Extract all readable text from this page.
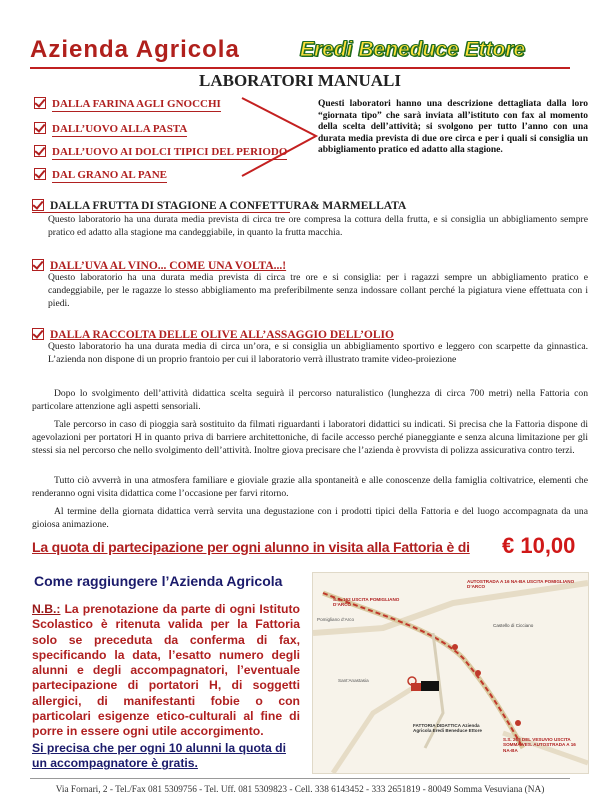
Azienda Agricola	Eredi Beneduce Ettore
LABORATORI MANUALI
DALLA FARINA AGLI GNOCCHI
DALL’UOVO ALLA PASTA
DALL’UOVO AI DOLCI TIPICI DEL PERIODO
DAL GRANO AL PANE
Questi laboratori hanno una descrizione dettagliata dalla loro “giornata tipo” che sarà inviata all’istituto con fax al momento della scelta dell’attività; si svolgono per tutto l’anno con una durata media prevista di due ore circa e per i quali si consiglia un abbigliamento pratico ed adatto alla stagione.
DALLA FRUTTA DI STAGIONE A CONFETTURA& MARMELLATA
Questo laboratorio ha una durata media prevista di circa tre ore compresa la cottura della frutta, e si consiglia un abbigliamento sempre pratico ed adatto alla stagione ma candeggiabile, in quanto la frutta macchia.
DALL’UVA AL VINO... COME UNA VOLTA...!
Questo laboratorio ha una durata media prevista di circa tre ore e si consiglia: per i ragazzi sempre un abbigliamento pratico e candeggiabile, per le ragazze lo stesso abbigliamento ma preferibilmente senza indossare collant perché la pigiatura viene effettuata con i piedi.
DALLA RACCOLTA DELLE OLIVE ALL’ASSAGGIO DELL’OLIO
Questo laboratorio ha una durata media di circa un’ora, e si consiglia un abbigliamento sportivo e leggero con scarpette da ginnastica. L’azienda non dispone di un proprio frantoio per cui il laboratorio verrà illustrato tramite video-proiezione
Dopo lo svolgimento dell’attività didattica scelta seguirà il percorso naturalistico (lunghezza di circa 700 metri) nella Fattoria con particolare attenzione agli aspetti sensoriali.
Tale percorso in caso di pioggia sarà sostituito da filmati riguardanti i laboratori didattici su indicati. Si precisa che la Fattoria dispone di agevolazioni per portatori H in quanto priva di barriere architettoniche, di facile accesso perché pianeggiante e senza alcuna limitazione per gli stessi sia nel percorso che nello svolgimento dell’attività. Inoltre giova precisare che l’azienda è provvista di polizza assicurativa contro terzi.
Tutto ciò avverrà in una atmosfera familiare e gioviale grazie alla spontaneità e alle conoscenze della famiglia coltivatrice, elementi che renderanno ogni visita didattica come l’occasione per farvi ritorno.
Al termine della giornata didattica verrà servita una degustazione con i prodotti tipici della Fattoria e del luogo accompagnata da una gioiosa animazione.
La quota di partecipazione per ogni alunno in visita alla Fattoria è di € 10,00
Come raggiungere l’Azienda Agricola
N.B.: La prenotazione da parte di ogni Istituto Scolastico è ritenuta valida per la Fattoria solo se preceduta da conferma di fax, specificando la data, l’esatto numero degli alunni e degli accompagnatori, l’eventuale partecipazione di portatori H, di soggetti allergici, di manifestanti fobie o con particolari esigenze etico-culturali al fine di porre in essere ogni utile accorgimento.
Si precisa che per ogni 10 alunni la quota di un accompagnatore è gratis.
AUTOSTRADA A 16 NA-BA USCITA POMIGLIANO D’ARCO
S.S. 162 USCITA POMIGLIANO D’ARCO
Castello di Cicciano
Pomigliano d’Arco
Sant’Anastasia
FATTORIA DIDATTICA Azienda Agricola Eredi Beneduce Ettore
S.S. 268 DEL VESUVIO USCITA SOMMA VES. AUTOSTRADA A 16 NA-BA
Via Fornari, 2 - Tel./Fax 081 5309756 - Tel. Uff. 081 5309823 - Cell. 338 6143452 - 333 2651819 - 80049 Somma Vesuviana (NA)
